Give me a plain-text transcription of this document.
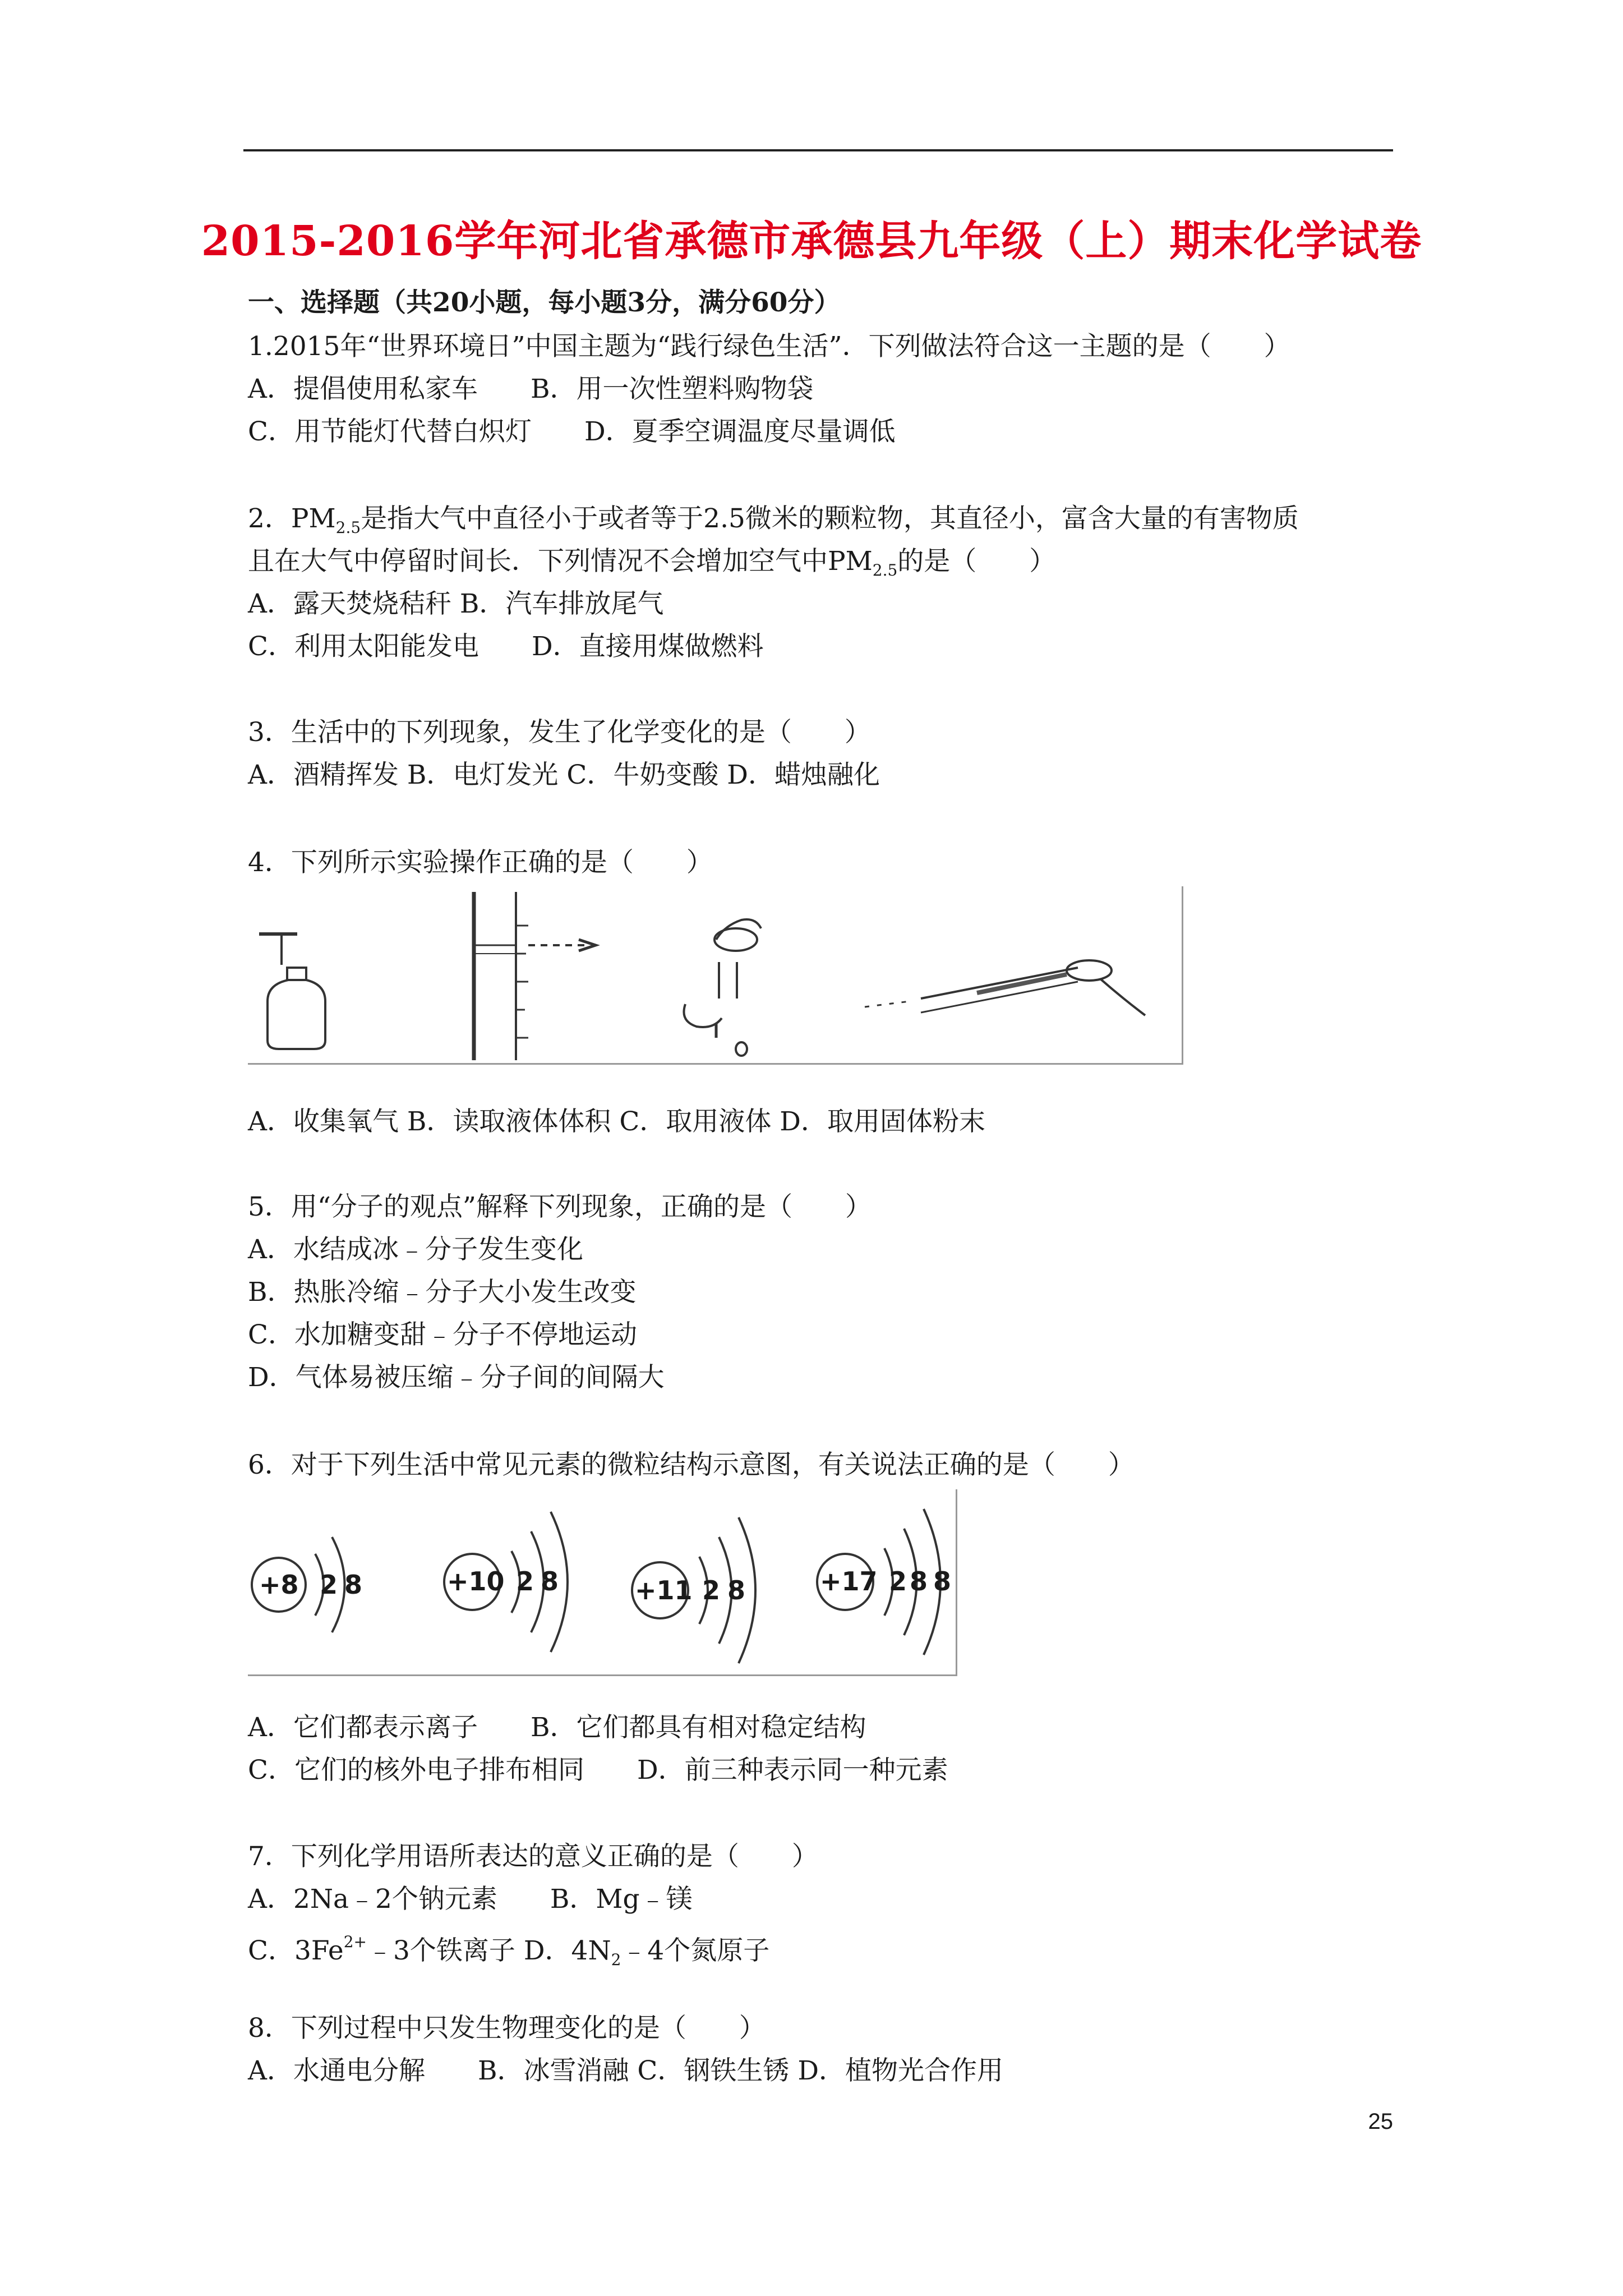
2015-2016学年河北省承德市承德县九年级（上）期末化学试卷
一、选择题（共20小题，每小题3分，满分60分）
1.2015年“世界环境日”中国主题为“践行绿色生活”．下列做法符合这一主题的是（　　）
A．提倡使用私家车　　B．用一次性塑料购物袋
C．用节能灯代替白炽灯　　D．夏季空调温度尽量调低
2．$PM_{2.5}$是指大气中直径小于或者等于2.5微米的颗粒物，其直径小，富含大量的有害物质
且在大气中停留时间长．下列情况不会增加空气中$PM_{2.5}$的是（　　）
A．露天焚烧秸秆 B．汽车排放尾气
C．利用太阳能发电　　D．直接用煤做燃料
3．生活中的下列现象，发生了化学变化的是（　　）
A．酒精挥发 B．电灯发光 C．牛奶变酸 D．蜡烛融化
4．下列所示实验操作正确的是（　　）
A．收集氧气 B．读取液体体积 C．取用液体 D．取用固体粉末
5．用“分子的观点”解释下列现象，正确的是（　　）
A．水结成冰﹣分子发生变化
B．热胀冷缩﹣分子大小发生改变
C．水加糖变甜﹣分子不停地运动
D．气体易被压缩﹣分子间的间隔大
6．对于下列生活中常见元素的微粒结构示意图，有关说法正确的是（　　）
+8 2 8	+10 2 8	+11 2 8	+17 2 8 8
A．它们都表示离子　　B．它们都具有相对稳定结构
C．它们的核外电子排布相同　　D．前三种表示同一种元素
7．下列化学用语所表达的意义正确的是（　　）
A．2Na﹣2个钠元素　　B．Mg﹣镁
C．$3Fe^{2+}﹣3$个铁离子 D．$4N_2﹣4$个氮原子
8．下列过程中只发生物理变化的是（　　）
A．水通电分解　　B．冰雪消融 C．钢铁生锈 D．植物光合作用
25
